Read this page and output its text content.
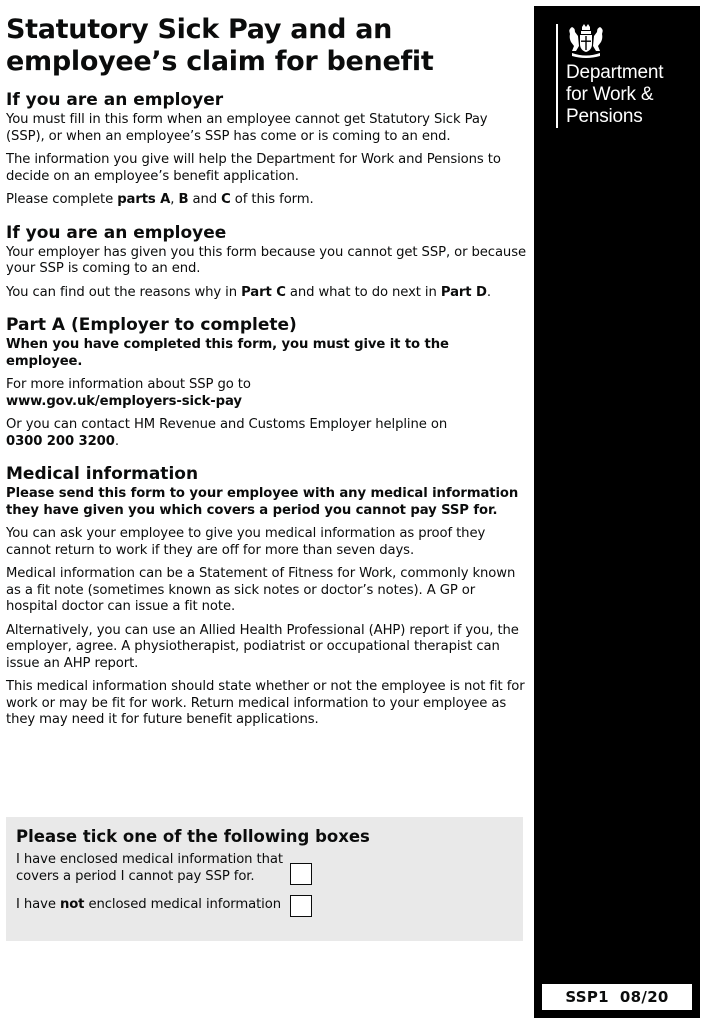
Statutory Sick Pay and an
employee’s claim for benefit
If you are an employer

You must fill in this form when an employee cannot get Statutory Sick Pay (SSP), or when an employee’s SSP has come or is coming to an end.

The information you give will help the Department for Work and Pensions to decide on an employee’s benefit application.

Please complete parts A, B and C of this form.

If you are an employee

Your employer has given you this form because you cannot get SSP, or because your SSP is coming to an end.

You can find out the reasons why in Part C and what to do next in Part D.

Part A (Employer to complete)

When you have completed this form, you must give it to the employee.

For more information about SSP go to
www.gov.uk/employers-sick-pay

Or you can contact HM Revenue and Customs Employer helpline on
0300 200 3200.

Medical information

Please send this form to your employee with any medical information they have given you which covers a period you cannot pay SSP for.

You can ask your employee to give you medical information as proof they cannot return to work if they are off for more than seven days.

Medical information can be a Statement of Fitness for Work, commonly known as a fit note (sometimes known as sick notes or doctor’s notes). A GP or hospital doctor can issue a fit note.

Alternatively, you can use an Allied Health Professional (AHP) report if you, the employer, agree. A physiotherapist, podiatrist or occupational therapist can issue an AHP report.

This medical information should state whether or not the employee is not fit for work or may be fit for work. Return medical information to your employee as they may need it for future benefit applications.

Please tick one of the following boxes

I have enclosed medical information that covers a period I cannot pay SSP for.

I have not enclosed medical information

Department
for Work &
Pensions
SSP1  08/20
